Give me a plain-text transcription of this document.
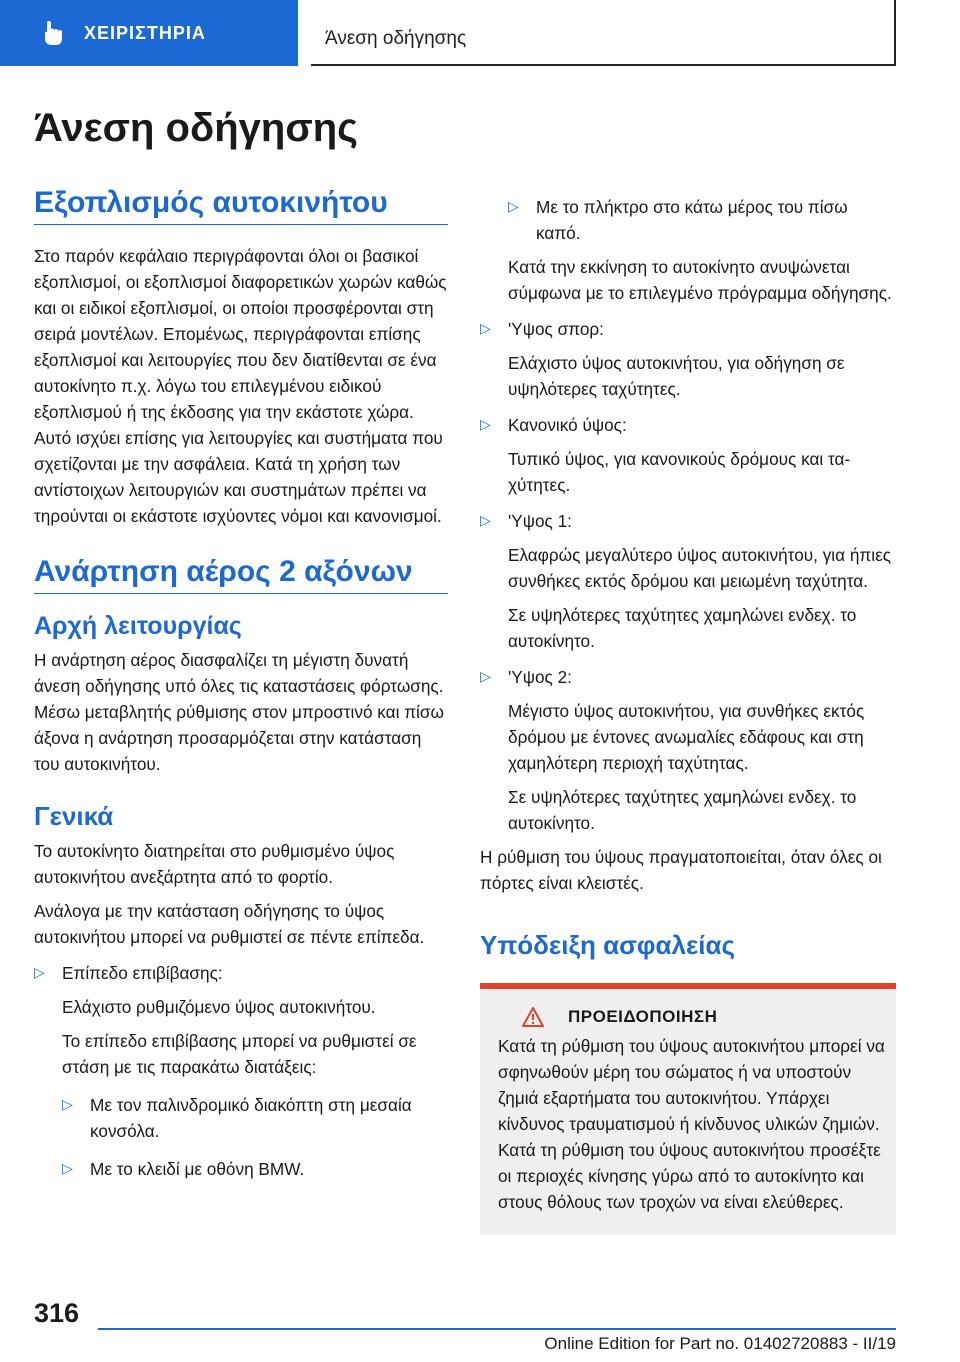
ΧΕΙΡΙΣΤΗΡΙΑ	Άνεση οδήγησης
Άνεση οδήγησης
Εξοπλισμός αυτοκινήτου

Στο παρόν κεφάλαιο περιγράφονται όλοι οι βασικοί εξοπλισμοί, οι εξοπλισμοί διαφορετικών χωρών καθώς και οι ειδικοί εξοπλισμοί, οι οποίοι προσφέρονται στη σειρά μοντέλων. Επομένως, περιγράφονται επίσης εξοπλισμοί και λειτουργίες που δεν διατίθενται σε ένα αυτοκίνητο π.χ. λόγω του επιλεγμένου ειδικού εξοπλισμού ή της έκδοσης για την εκάστοτε χώρα. Αυτό ισχύει επίσης για λειτουργίες και συστήματα που σχετίζονται με την ασφάλεια. Κατά τη χρήση των αντίστοιχων λειτουργιών και συστημάτων πρέπει να τηρούνται οι εκάστοτε ισχύοντες νόμοι και κανονισμοί.

Ανάρτηση αέρος 2 αξόνων
Αρχή λειτουργίας

Η ανάρτηση αέρος διασφαλίζει τη μέγιστη δυνατή άνεση οδήγησης υπό όλες τις καταστάσεις φόρτωσης. Μέσω μεταβλητής ρύθμισης στον μπροστινό και πίσω άξονα η ανάρτηση προσαρμόζεται στην κατάσταση του αυτοκινήτου.

Γενικά

Το αυτοκίνητο διατηρείται στο ρυθμισμένο ύψος αυτοκινήτου ανεξάρτητα από το φορτίο.

Ανάλογα με την κατάσταση οδήγησης το ύψος αυτοκινήτου μπορεί να ρυθμιστεί σε πέντε επίπεδα.

▷	Επίπεδο επιβίβασης:

Ελάχιστο ρυθμιζόμενο ύψος αυτοκινήτου.

Το επίπεδο επιβίβασης μπορεί να ρυθμιστεί σε στάση με τις παρακάτω διατάξεις:

▷	Με τον παλινδρομικό διακόπτη στη μεσαία κονσόλα.

▷	Με το κλειδί με οθόνη BMW.

▷	Με το πλήκτρο στο κάτω μέρος του πίσω καπό.

Κατά την εκκίνηση το αυτοκίνητο ανυψώνεται σύμφωνα με το επιλεγμένο πρόγραμμα οδήγησης.

▷	'Υψος σπορ:

Ελάχιστο ύψος αυτοκινήτου, για οδήγηση σε υψηλότερες ταχύτητες.

▷	Κανονικό ύψος:

Τυπικό ύψος, για κανονικούς δρόμους και ταχύτητες.

▷	'Υψος 1:

Ελαφρώς μεγαλύτερο ύψος αυτοκινήτου, για ήπιες συνθήκες εκτός δρόμου και μειωμένη ταχύτητα.

Σε υψηλότερες ταχύτητες χαμηλώνει ενδεχ. το αυτοκίνητο.

▷	'Υψος 2:

Μέγιστο ύψος αυτοκινήτου, για συνθήκες εκτός δρόμου με έντονες ανωμαλίες εδάφους και στη χαμηλότερη περιοχή ταχύτητας.

Σε υψηλότερες ταχύτητες χαμηλώνει ενδεχ. το αυτοκίνητο.

Η ρύθμιση του ύψους πραγματοποιείται, όταν όλες οι πόρτες είναι κλειστές.

Υπόδειξη ασφαλείας
ΠΡΟΕΙΔΟΠΟΙΗΣΗ

Κατά τη ρύθμιση του ύψους αυτοκινήτου μπορεί να σφηνωθούν μέρη του σώματος ή να υποστούν ζημιά εξαρτήματα του αυτοκινήτου. Υπάρχει κίνδυνος τραυματισμού ή κίνδυνος υλικών ζημιών. Κατά τη ρύθμιση του ύψους αυτοκινήτου προσέξτε οι περιοχές κίνησης γύρω από το αυτοκίνητο και στους θόλους των τροχών να είναι ελεύθερες.

316
Online Edition for Part no. 01402720883 - II/19
